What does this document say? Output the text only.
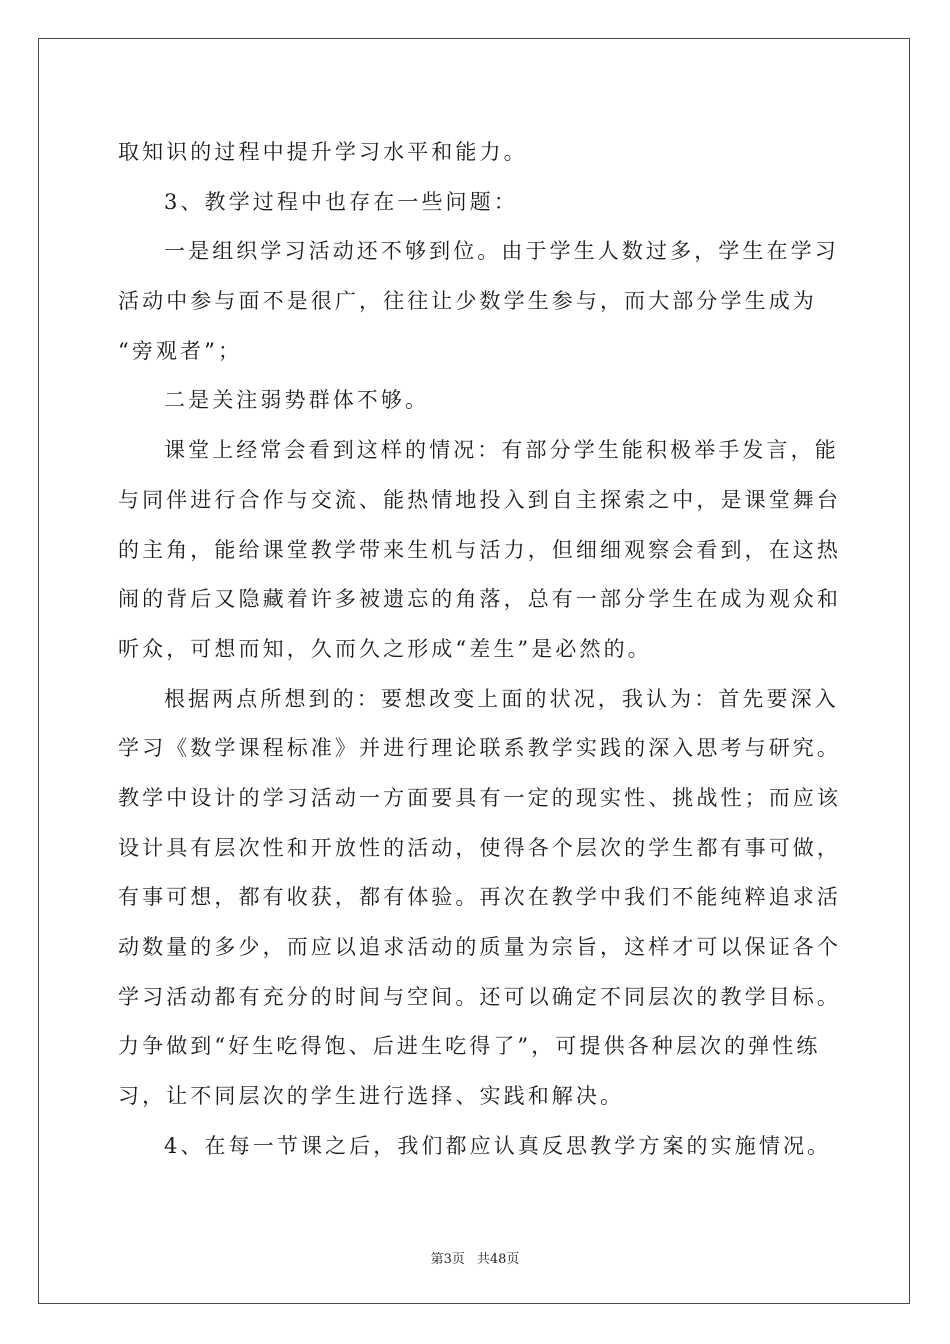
取知识的过程中提升学习水平和能力。
3、教学过程中也存在一些问题：
一是组织学习活动还不够到位。由于学生人数过多，学生在学习
活动中参与面不是很广，往往让少数学生参与，而大部分学生成为
“旁观者”；
二是关注弱势群体不够。
课堂上经常会看到这样的情况：有部分学生能积极举手发言，能
与同伴进行合作与交流、能热情地投入到自主探索之中，是课堂舞台
的主角，能给课堂教学带来生机与活力，但细细观察会看到，在这热
闹的背后又隐藏着许多被遗忘的角落，总有一部分学生在成为观众和
听众，可想而知，久而久之形成“差生”是必然的。
根据两点所想到的：要想改变上面的状况，我认为：首先要深入
学习《数学课程标准》并进行理论联系教学实践的深入思考与研究。
教学中设计的学习活动一方面要具有一定的现实性、挑战性；而应该
设计具有层次性和开放性的活动，使得各个层次的学生都有事可做，
有事可想，都有收获，都有体验。再次在教学中我们不能纯粹追求活
动数量的多少，而应以追求活动的质量为宗旨，这样才可以保证各个
学习活动都有充分的时间与空间。还可以确定不同层次的教学目标。
力争做到“好生吃得饱、后进生吃得了”，可提供各种层次的弹性练
习，让不同层次的学生进行选择、实践和解决。
4、在每一节课之后，我们都应认真反思教学方案的实施情况。
第3页 共48页
